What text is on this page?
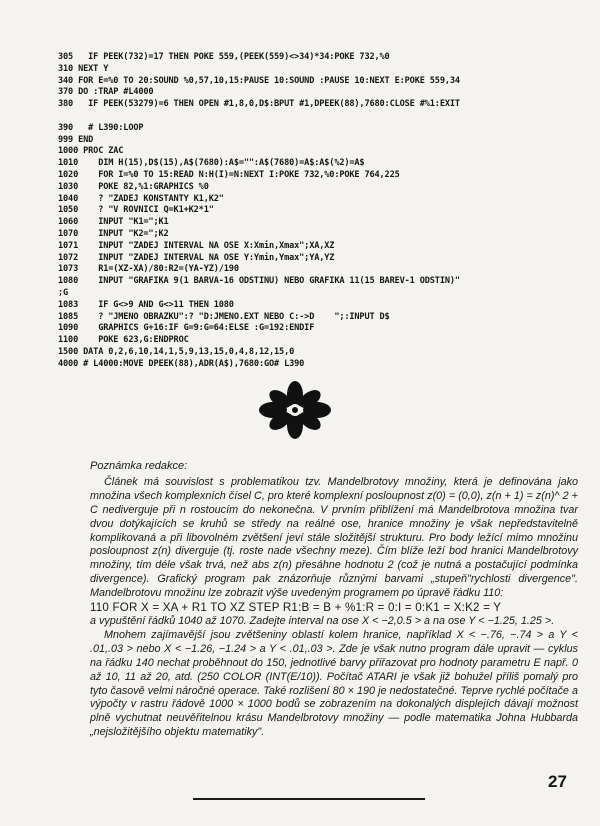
305   IF PEEK(732)=17 THEN POKE 559,(PEEK(559)<>34)*34:POKE 732,%0
310 NEXT Y
340 FOR E=%0 TO 20:SOUND %0,57,10,15:PAUSE 10:SOUND :PAUSE 10:NEXT E:POKE 559,34
370 DO :TRAP #L4000
380   IF PEEK(53279)=6 THEN OPEN #1,8,0,D$:BPUT #1,DPEEK(88),7680:CLOSE #%1:EXIT
390   # L390:LOOP
999 END
1000 PROC ZAC
1010    DIM H(15),D$(15),A$(7680):A$="":A$(7680)=A$:A$(%2)=A$
1020    FOR I=%0 TO 15:READ N:H(I)=N:NEXT I:POKE 732,%0:POKE 764,225
1030    POKE 82,%1:GRAPHICS %0
1040    ? "ZADEJ KONSTANTY K1,K2"
1050    ? "V ROVNICI Q=K1+K2*1"
1060    INPUT "K1=";K1
1070    INPUT "K2=";K2
1071    INPUT "ZADEJ INTERVAL NA OSE X:Xmin,Xmax";XA,XZ
1072    INPUT "ZADEJ INTERVAL NA OSE Y:Ymin,Ymax";YA,YZ
1073    R1=(XZ-XA)/80:R2=(YA-YZ)/190
1080    INPUT "GRAFIKA 9(1 BARVA-16 ODSTINU) NEBO GRAFIKA 11(15 BAREV-1 ODSTIN)"
;G
1083    IF G<>9 AND G<>11 THEN 1080
1085    ? "JMENO OBRAZKU":? "D:JMENO.EXT NEBO C:->D    ";:INPUT D$
1090    GRAPHICS G+16:IF G=9:G=64:ELSE :G=192:ENDIF
1100    POKE 623,G:ENDPROC
1500 DATA 0,2,6,10,14,1,5,9,13,15,0,4,8,12,15,0
4000 # L4000:MOVE DPEEK(88),ADR(A$),7680:GO# L390
Poznámka redakce:
Článek má souvislost s problematikou tzv. Mandelbrotovy množiny, která je definována jako množina všech komplexních čísel C, pro které komplexní posloupnost z(0) = (0,0), z(n + 1) = z(n)^ 2 + C nediverguje při n rostoucím do nekonečna. V prvním přiblížení má Mandelbrotova množina tvar dvou dotýkajících se kruhů se středy na reálné ose, hranice množiny je však nepředstavitelně komplikovaná a při libovolném zvětšení jeví stále složitější strukturu. Pro body ležící mimo množinu posloupnost z(n) diverguje (tj. roste nade všechny meze). Čím blíže leží bod hranici Mandelbrotovy množiny, tím déle však trvá, než abs z(n) přesáhne hodnotu 2 (což je nutná a postačující podmínka divergence). Grafický program pak znázorňuje různými barvami „stupeň"rychlosti divergence". Mandelbrotovu množinu lze zobrazit výše uvedeným programem po úpravě řádku 110:
110 FOR X = XA + R1 TO XZ STEP R1:B = B + %1:R = 0:I = 0:K1 = X:K2 = Y
a vypuštění řádků 1040 až 1070. Zadejte interval na ose X < −2,0.5 > a na ose Y < −1.25, 1.25 >.
Mnohem zajímavější jsou zvětšeniny oblastí kolem hranice, například X < −.76, −.74 > a Y < .01,.03 > nebo X < −1.26, −1.24 > a Y < .01,.03 >. Zde je však nutno program dále upravit — cyklus na řádku 140 nechat proběhnout do 150, jednotlivé barvy přiřazovat pro hodnoty parametru E např. 0 až 10, 11 až 20, atd. (250 COLOR (INT(E/10)). Počítač ATARI je však již bohužel příliš pomalý pro tyto časově velmi náročné operace. Také rozlišení 80 × 190 je nedostatečné. Teprve rychlé počítače a výpočty v rastru řádově 1000 × 1000 bodů se zobrazením na dokonalých displejích dávají možnost plně vychutnat neuvěřitelnou krásu Mandelbrotovy množiny — podle matematika Johna Hubbarda „nejsložitějšího objektu matematiky".
27
